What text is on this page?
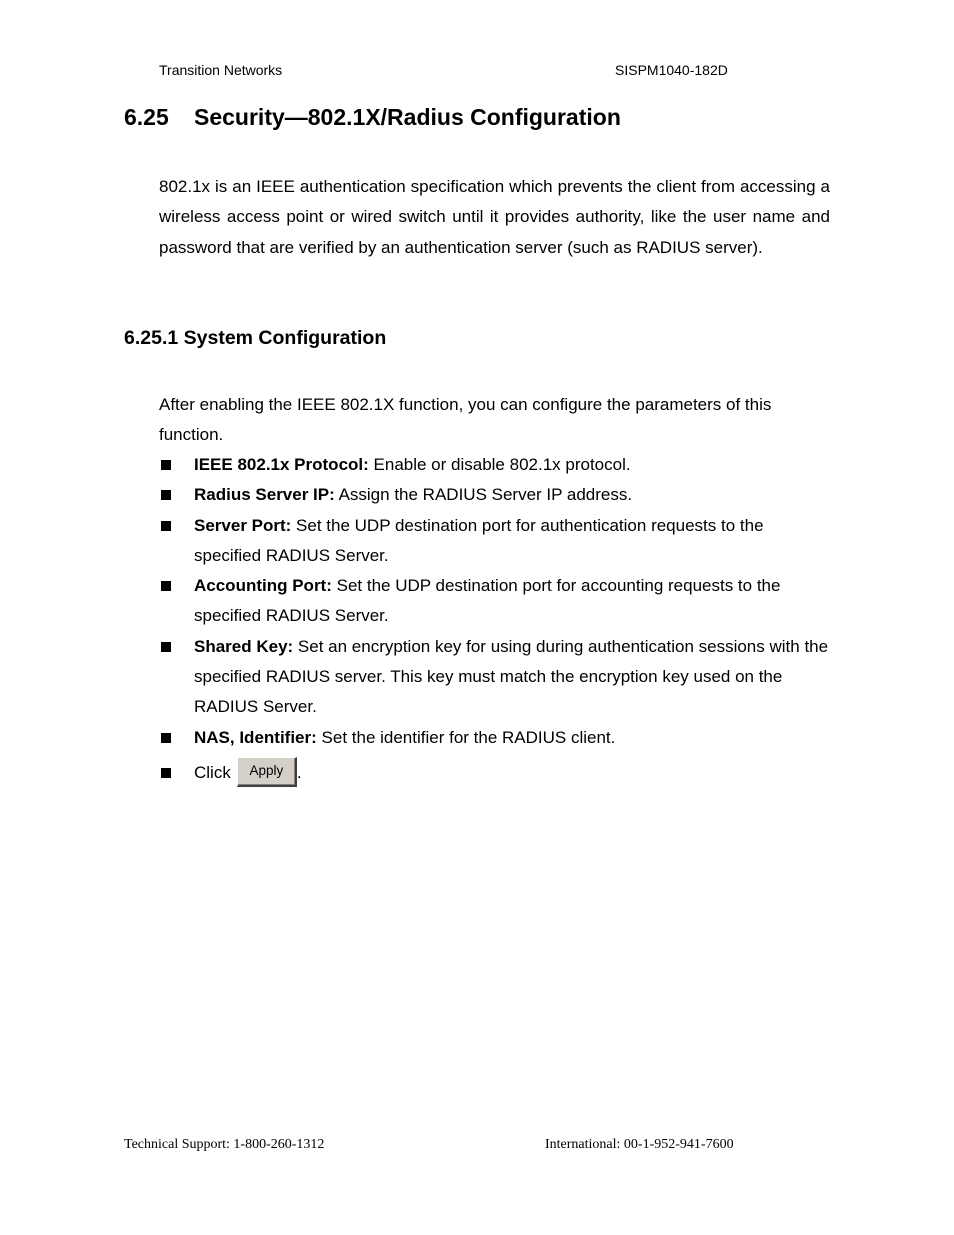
Transition Networks	SISPM1040-182D
6.25 Security—802.1X/Radius Configuration

802.1x is an IEEE authentication specification which prevents the client from accessing a wireless access point or wired switch until it provides authority, like the user name and password that are verified by an authentication server (such as RADIUS server).

6.25.1 System Configuration

After enabling the IEEE 802.1X function, you can configure the parameters of this function.

IEEE 802.1x Protocol: Enable or disable 802.1x protocol.
Radius Server IP: Assign the RADIUS Server IP address.
Server Port: Set the UDP destination port for authentication requests to the specified RADIUS Server.
Accounting Port: Set the UDP destination port for accounting requests to the specified RADIUS Server.
Shared Key: Set an encryption key for using during authentication sessions with the specified RADIUS server. This key must match the encryption key used on the RADIUS Server.
NAS, Identifier: Set the identifier for the RADIUS client.
Click Apply .
Technical Support: 1-800-260-1312	International: 00-1-952-941-7600
